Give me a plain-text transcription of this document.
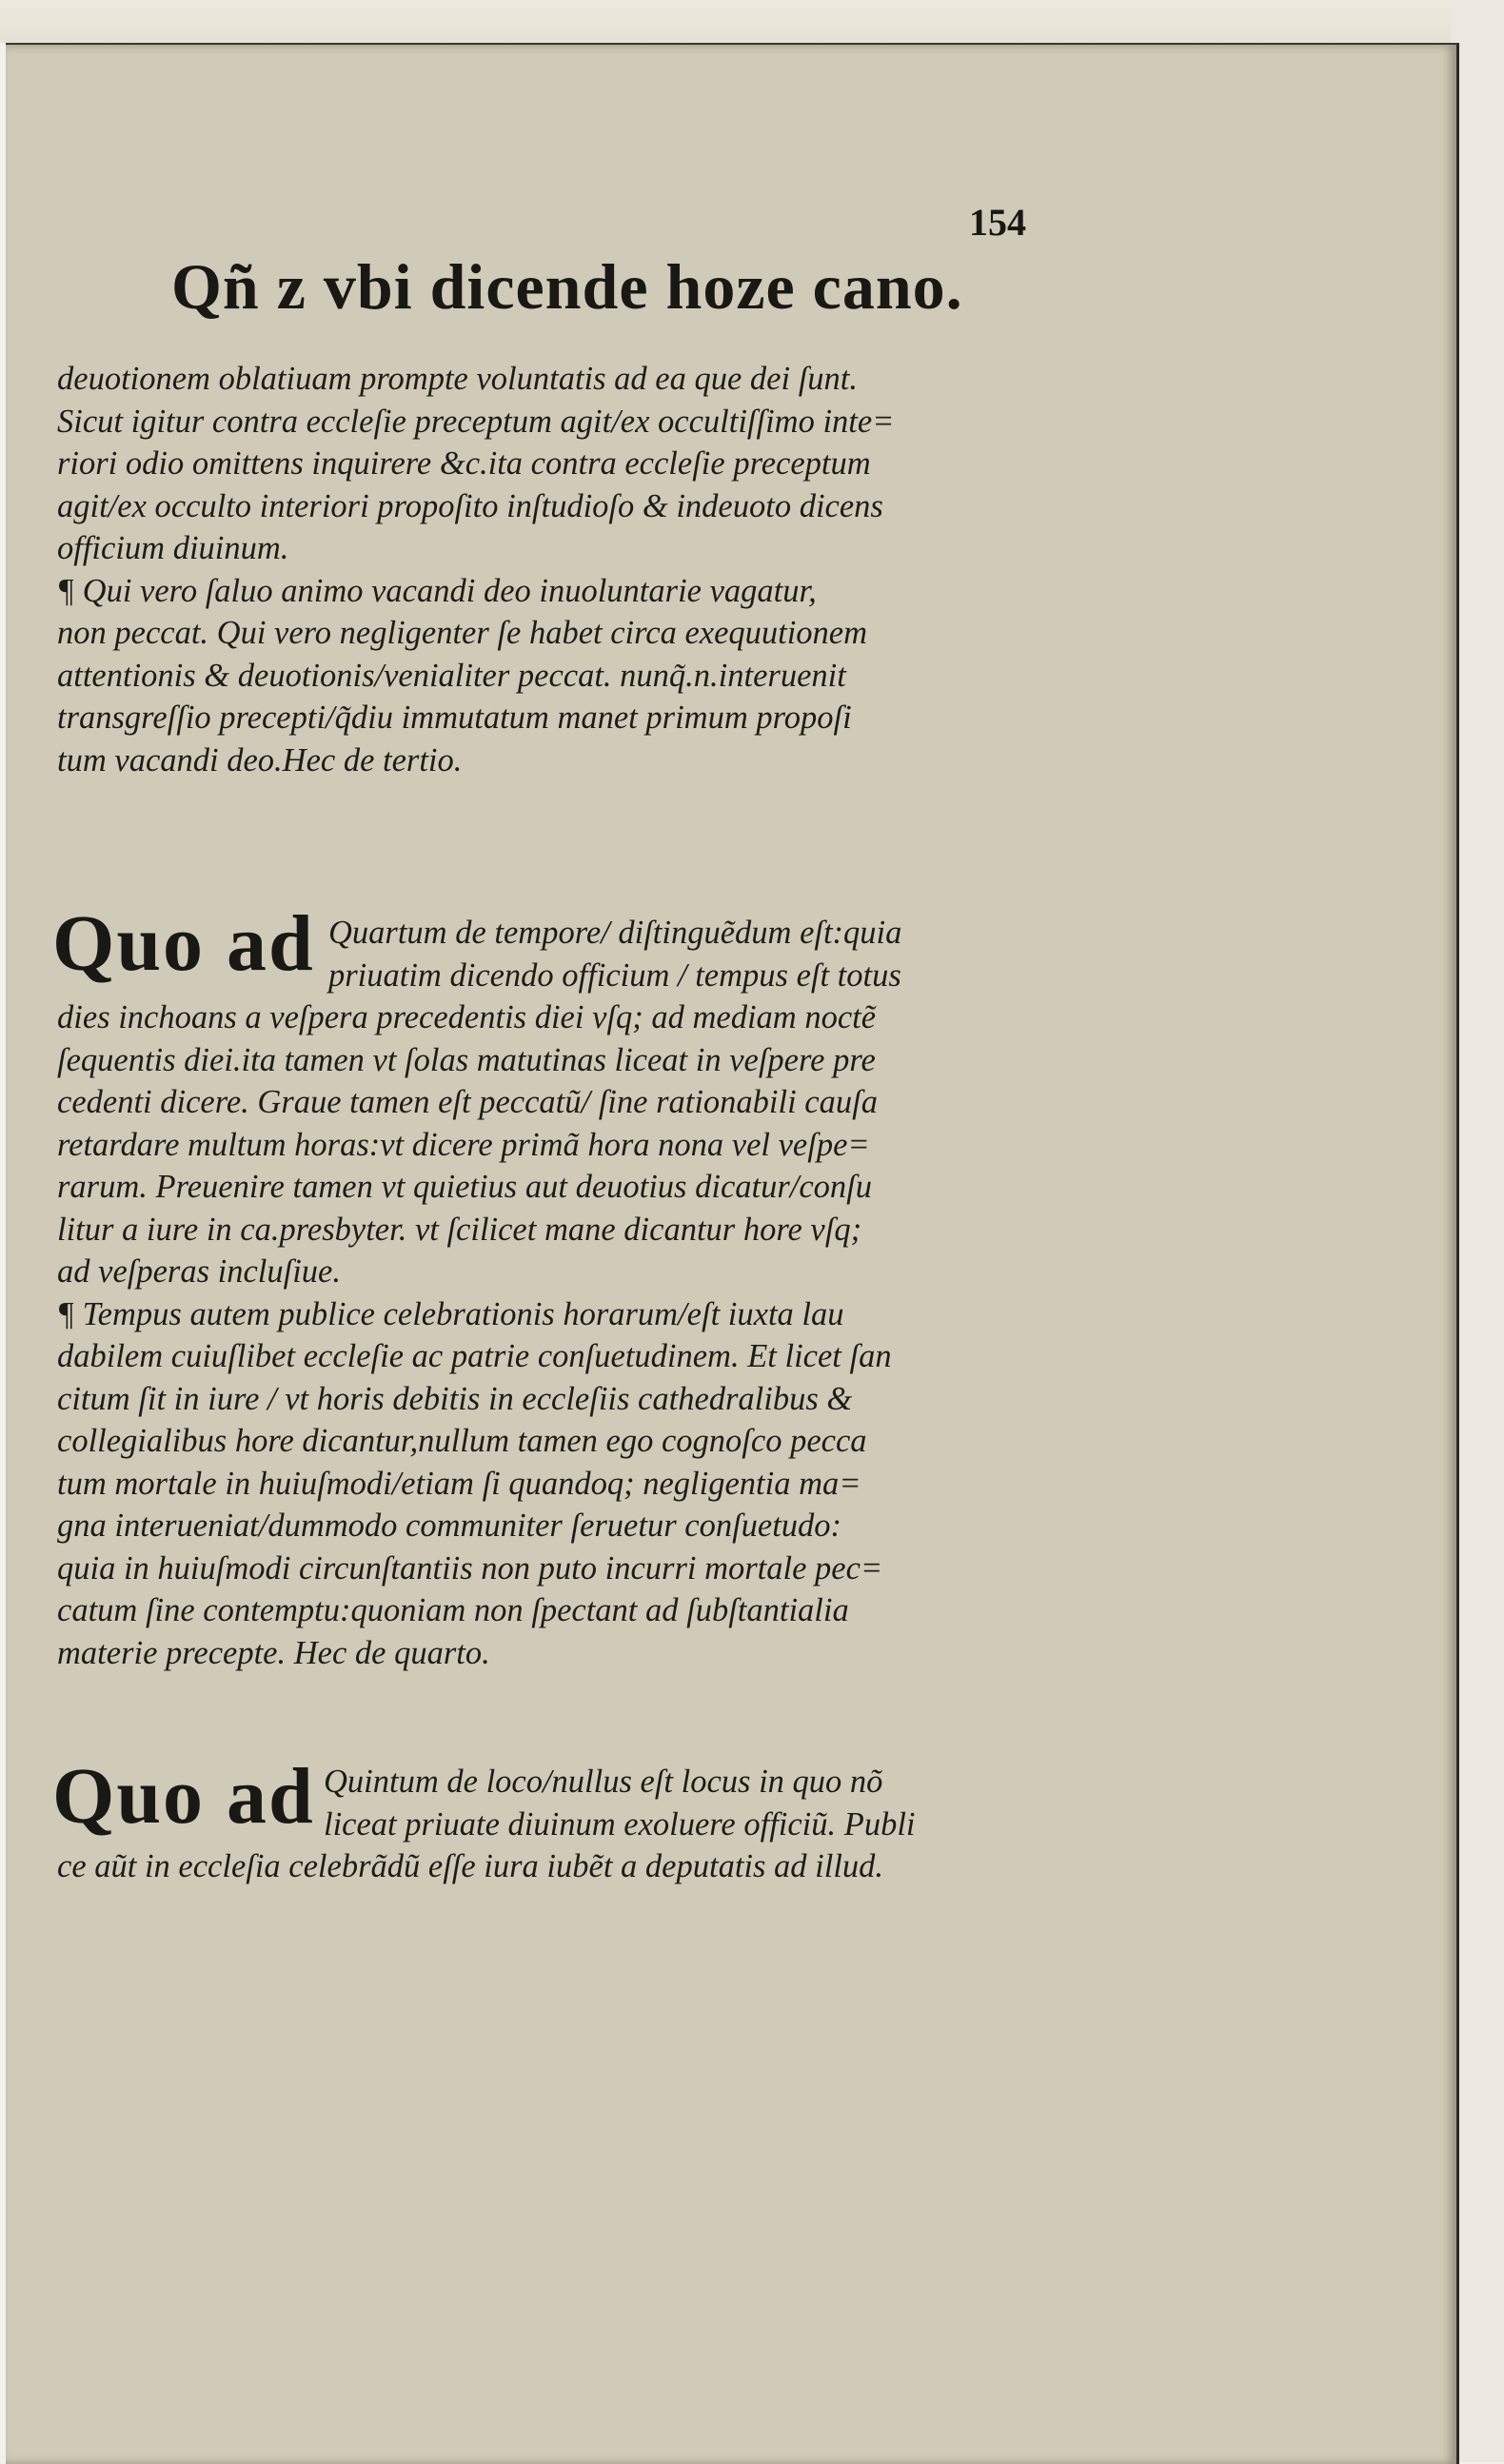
154
Qñ z vbi dicende hoze cano.
deuotionem oblatiuam prompte voluntatis ad ea que dei ſunt.
Sicut igitur contra eccleſie preceptum agit/ex occultiſſimo inte=
riori odio omittens inquirere &c.ita contra eccleſie preceptum
agit/ex occulto interiori propoſito inſtudioſo & indeuoto dicens
officium diuinum.
¶ Qui vero ſaluo animo vacandi deo inuoluntarie vagatur,
non peccat. Qui vero negligenter ſe habet circa exequutionem
attentionis & deuotionis/venialiter peccat. nunq̃.n.interuenit
transgreſſio precepti/q̃diu immutatum manet primum propoſi
tum vacandi deo.Hec de tertio.
Quo ad Quartum de tempore/ diſtinguẽdum eſt:quia
priuatim dicendo officium / tempus eſt totus
dies inchoans a veſpera precedentis diei vſq; ad mediam noctẽ
ſequentis diei.ita tamen vt ſolas matutinas liceat in veſpere pre
cedenti dicere. Graue tamen eſt peccatũ/ ſine rationabili cauſa
retardare multum horas:vt dicere primã hora nona vel veſpe=
rarum. Preuenire tamen vt quietius aut deuotius dicatur/conſu
litur a iure in ca.presbyter. vt ſcilicet mane dicantur hore vſq;
ad veſperas incluſiue.
¶ Tempus autem publice celebrationis horarum/eſt iuxta lau
dabilem cuiuſlibet eccleſie ac patrie conſuetudinem. Et licet ſan
citum ſit in iure / vt horis debitis in eccleſiis cathedralibus &
collegialibus hore dicantur,nullum tamen ego cognoſco pecca
tum mortale in huiuſmodi/etiam ſi quandoq; negligentia ma=
gna interueniat/dummodo communiter ſeruetur conſuetudo:
quia in huiuſmodi circunſtantiis non puto incurri mortale pec=
catum ſine contemptu:quoniam non ſpectant ad ſubſtantialia
materie precepte. Hec de quarto.
Quo ad Quintum de loco/nullus eſt locus in quo nõ
liceat priuate diuinum exoluere officiũ. Publi
ce aũt in eccleſia celebrãdũ eſſe iura iubẽt a deputatis ad illud.
